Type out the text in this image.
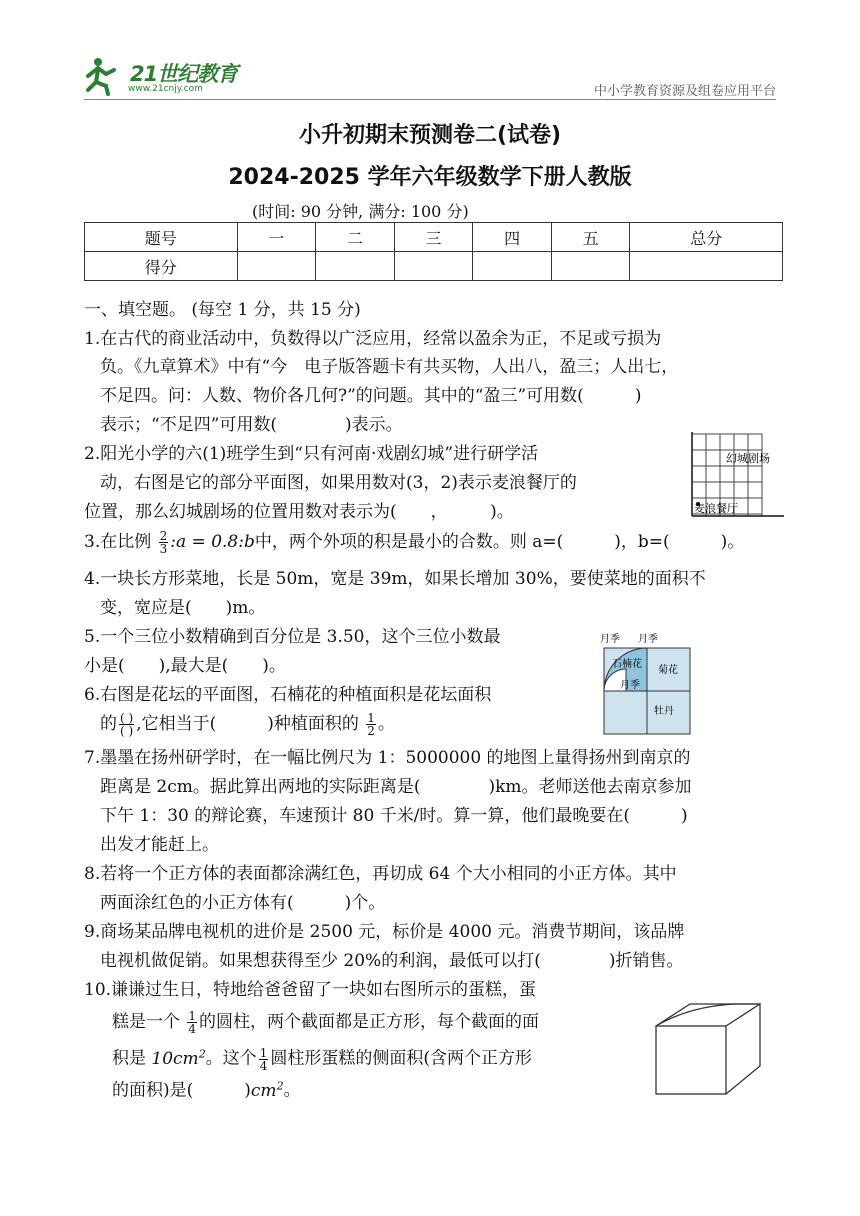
21世纪教育
www.21cnjy.com	中小学教育资源及组卷应用平台
小升初期末预测卷二(试卷)
2024-2025 学年六年级数学下册人教版
(时间: 90 分钟, 满分: 100 分)
题号	一	二	三	四	五	总分
得分						
一、填空题。 (每空 1 分，共 15 分)
1.在古代的商业活动中，负数得以广泛应用，经常以盈余为正，不足或亏损为
负。《九章算术》中有“今　电子版答题卡有共买物，人出八，盈三；人出七，
不足四。问：人数、物价各几何?”的问题。其中的“盈三”可用数(　　　)
表示；“不足四”可用数(　　　　)表示。
2.阳光小学的六(1)班学生到“只有河南·戏剧幻城”进行研学活
动，右图是它的部分平面图，如果用数对(3，2)表示麦浪餐厅的
位置，那么幻城剧场的位置用数对表示为(　　，　　　)。
幻城剧场
麦浪餐厅
3.在比例 $\frac{2}{3}$ :a = 0.8:b中，两个外项的积是最小的合数。则 a=(　　　)，b=(　　　)。
4.一块长方形菜地，长是 50m，宽是 39m，如果长增加 30%，要使菜地的面积不
变，宽应是(　　)m。
5.一个三位小数精确到百分位是 3.50，这个三位小数最
小是(　　),最大是(　　)。
6.右图是花坛的平面图，石楠花的种植面积是花坛面积
的 $\frac{( )}{( )}$ ,它相当于(　　　)种植面积的 $\frac{1}{2}$ 。
月季 月季
石楠花
菊花
月季
牡丹
7.墨墨在扬州研学时，在一幅比例尺为 1：5000000 的地图上量得扬州到南京的
距离是 2cm。据此算出两地的实际距离是(　　　　)km。老师送他去南京参加
下午 1：30 的辩论赛，车速预计 80 千米/时。算一算，他们最晚要在(　　　)
出发才能赶上。
8.若将一个正方体的表面都涂满红色，再切成 64 个大小相同的小正方体。其中
两面涂红色的小正方体有(　　　)个。
9.商场某品牌电视机的进价是 2500 元，标价是 4000 元。消费节期间，该品牌
电视机做促销。如果想获得至少 20%的利润，最低可以打(　　　　)折销售。
10.谦谦过生日，特地给爸爸留了一块如右图所示的蛋糕，蛋
糕是一个 $\frac{1}{4}$ 的圆柱，两个截面都是正方形，每个截面的面
积是 $10cm^2$。这个 $\frac{1}{4}$ 圆柱形蛋糕的侧面积(含两个正方形
的面积)是(　　　)$cm^2$。
